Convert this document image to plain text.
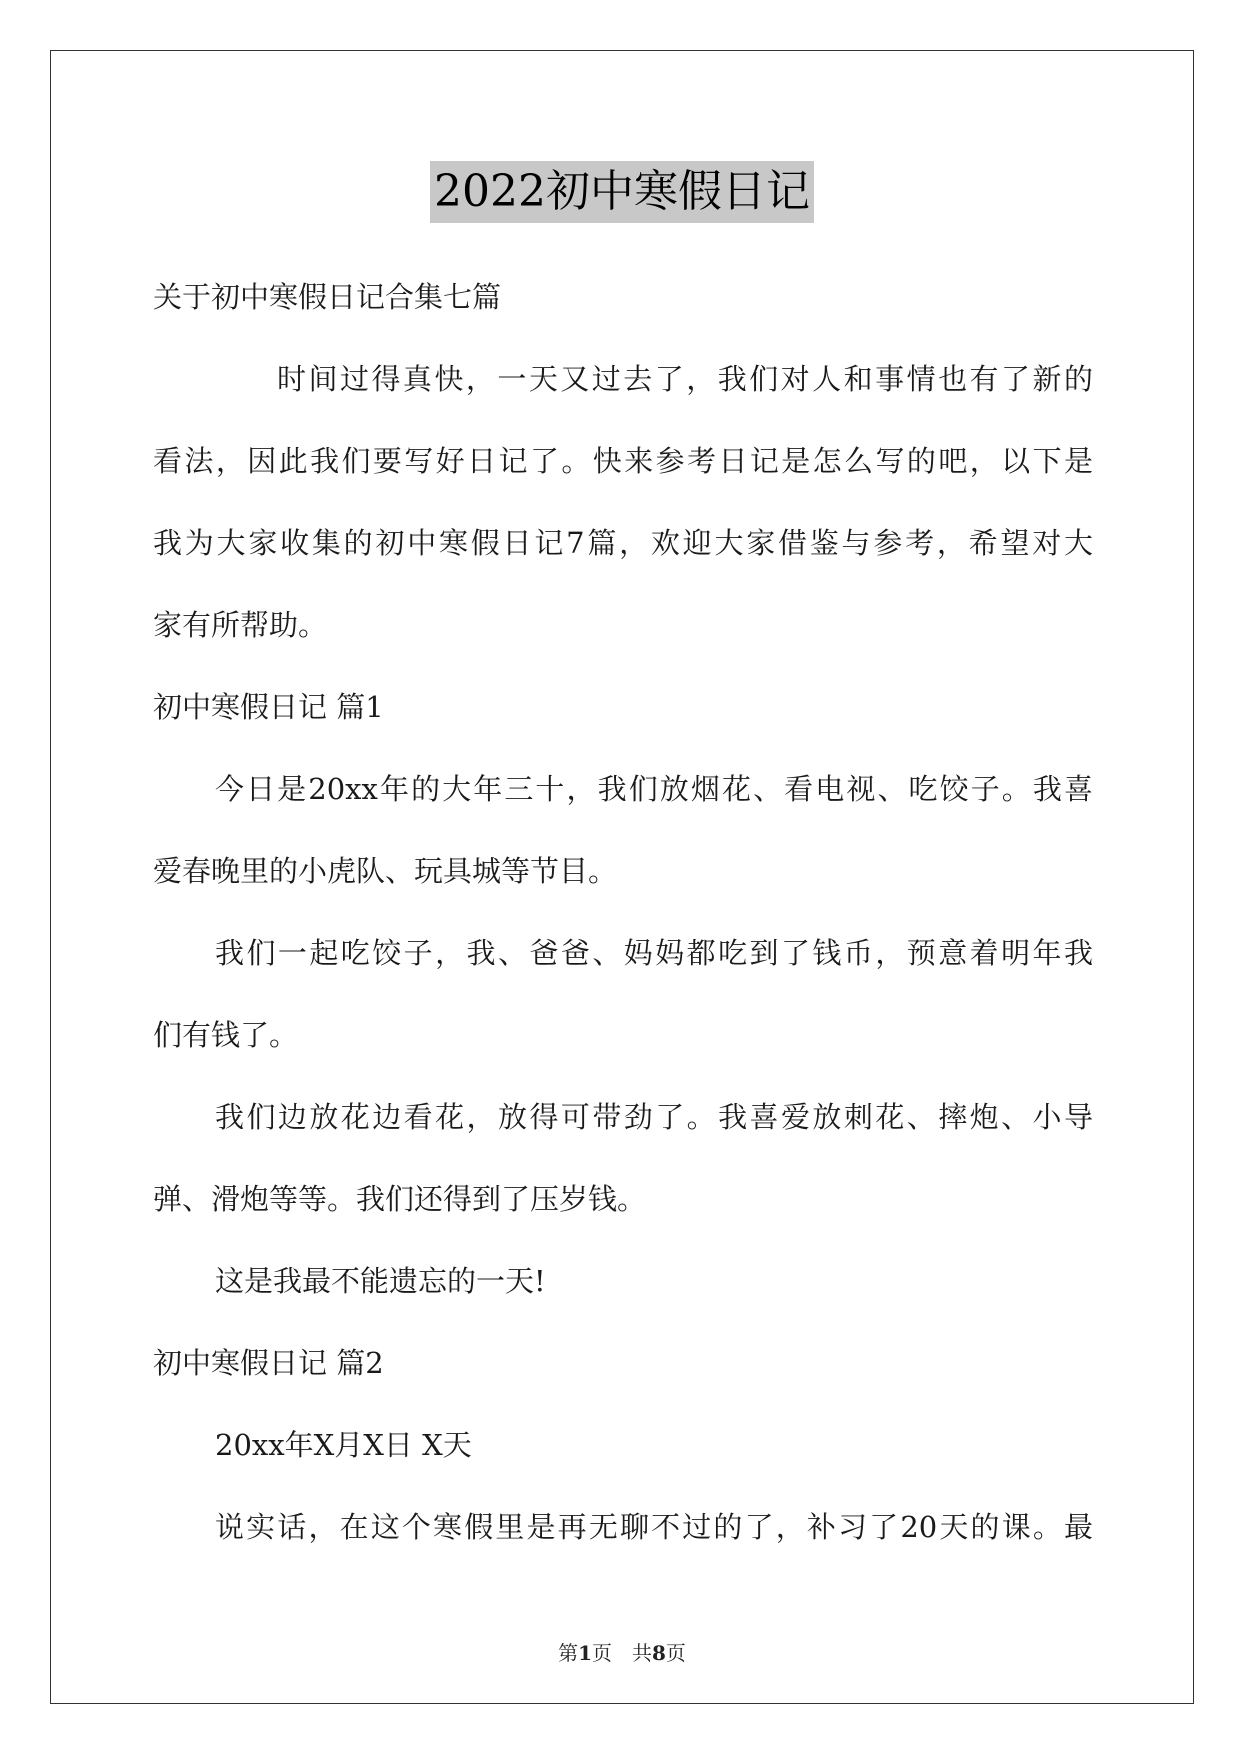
2022初中寒假日记
关于初中寒假日记合集七篇
时间过得真快，一天又过去了，我们对人和事情也有了新的
看法，因此我们要写好日记了。快来参考日记是怎么写的吧，以下是
我为大家收集的初中寒假日记7篇，欢迎大家借鉴与参考，希望对大
家有所帮助。
初中寒假日记 篇1
今日是20xx年的大年三十，我们放烟花、看电视、吃饺子。我喜
爱春晚里的小虎队、玩具城等节目。
我们一起吃饺子，我、爸爸、妈妈都吃到了钱币，预意着明年我
们有钱了。
我们边放花边看花，放得可带劲了。我喜爱放刺花、摔炮、小导
弹、滑炮等等。我们还得到了压岁钱。
这是我最不能遗忘的一天!
初中寒假日记 篇2
20xx年X月X日 X天
说实话，在这个寒假里是再无聊不过的了，补习了20天的课。最
第1页　共8页
